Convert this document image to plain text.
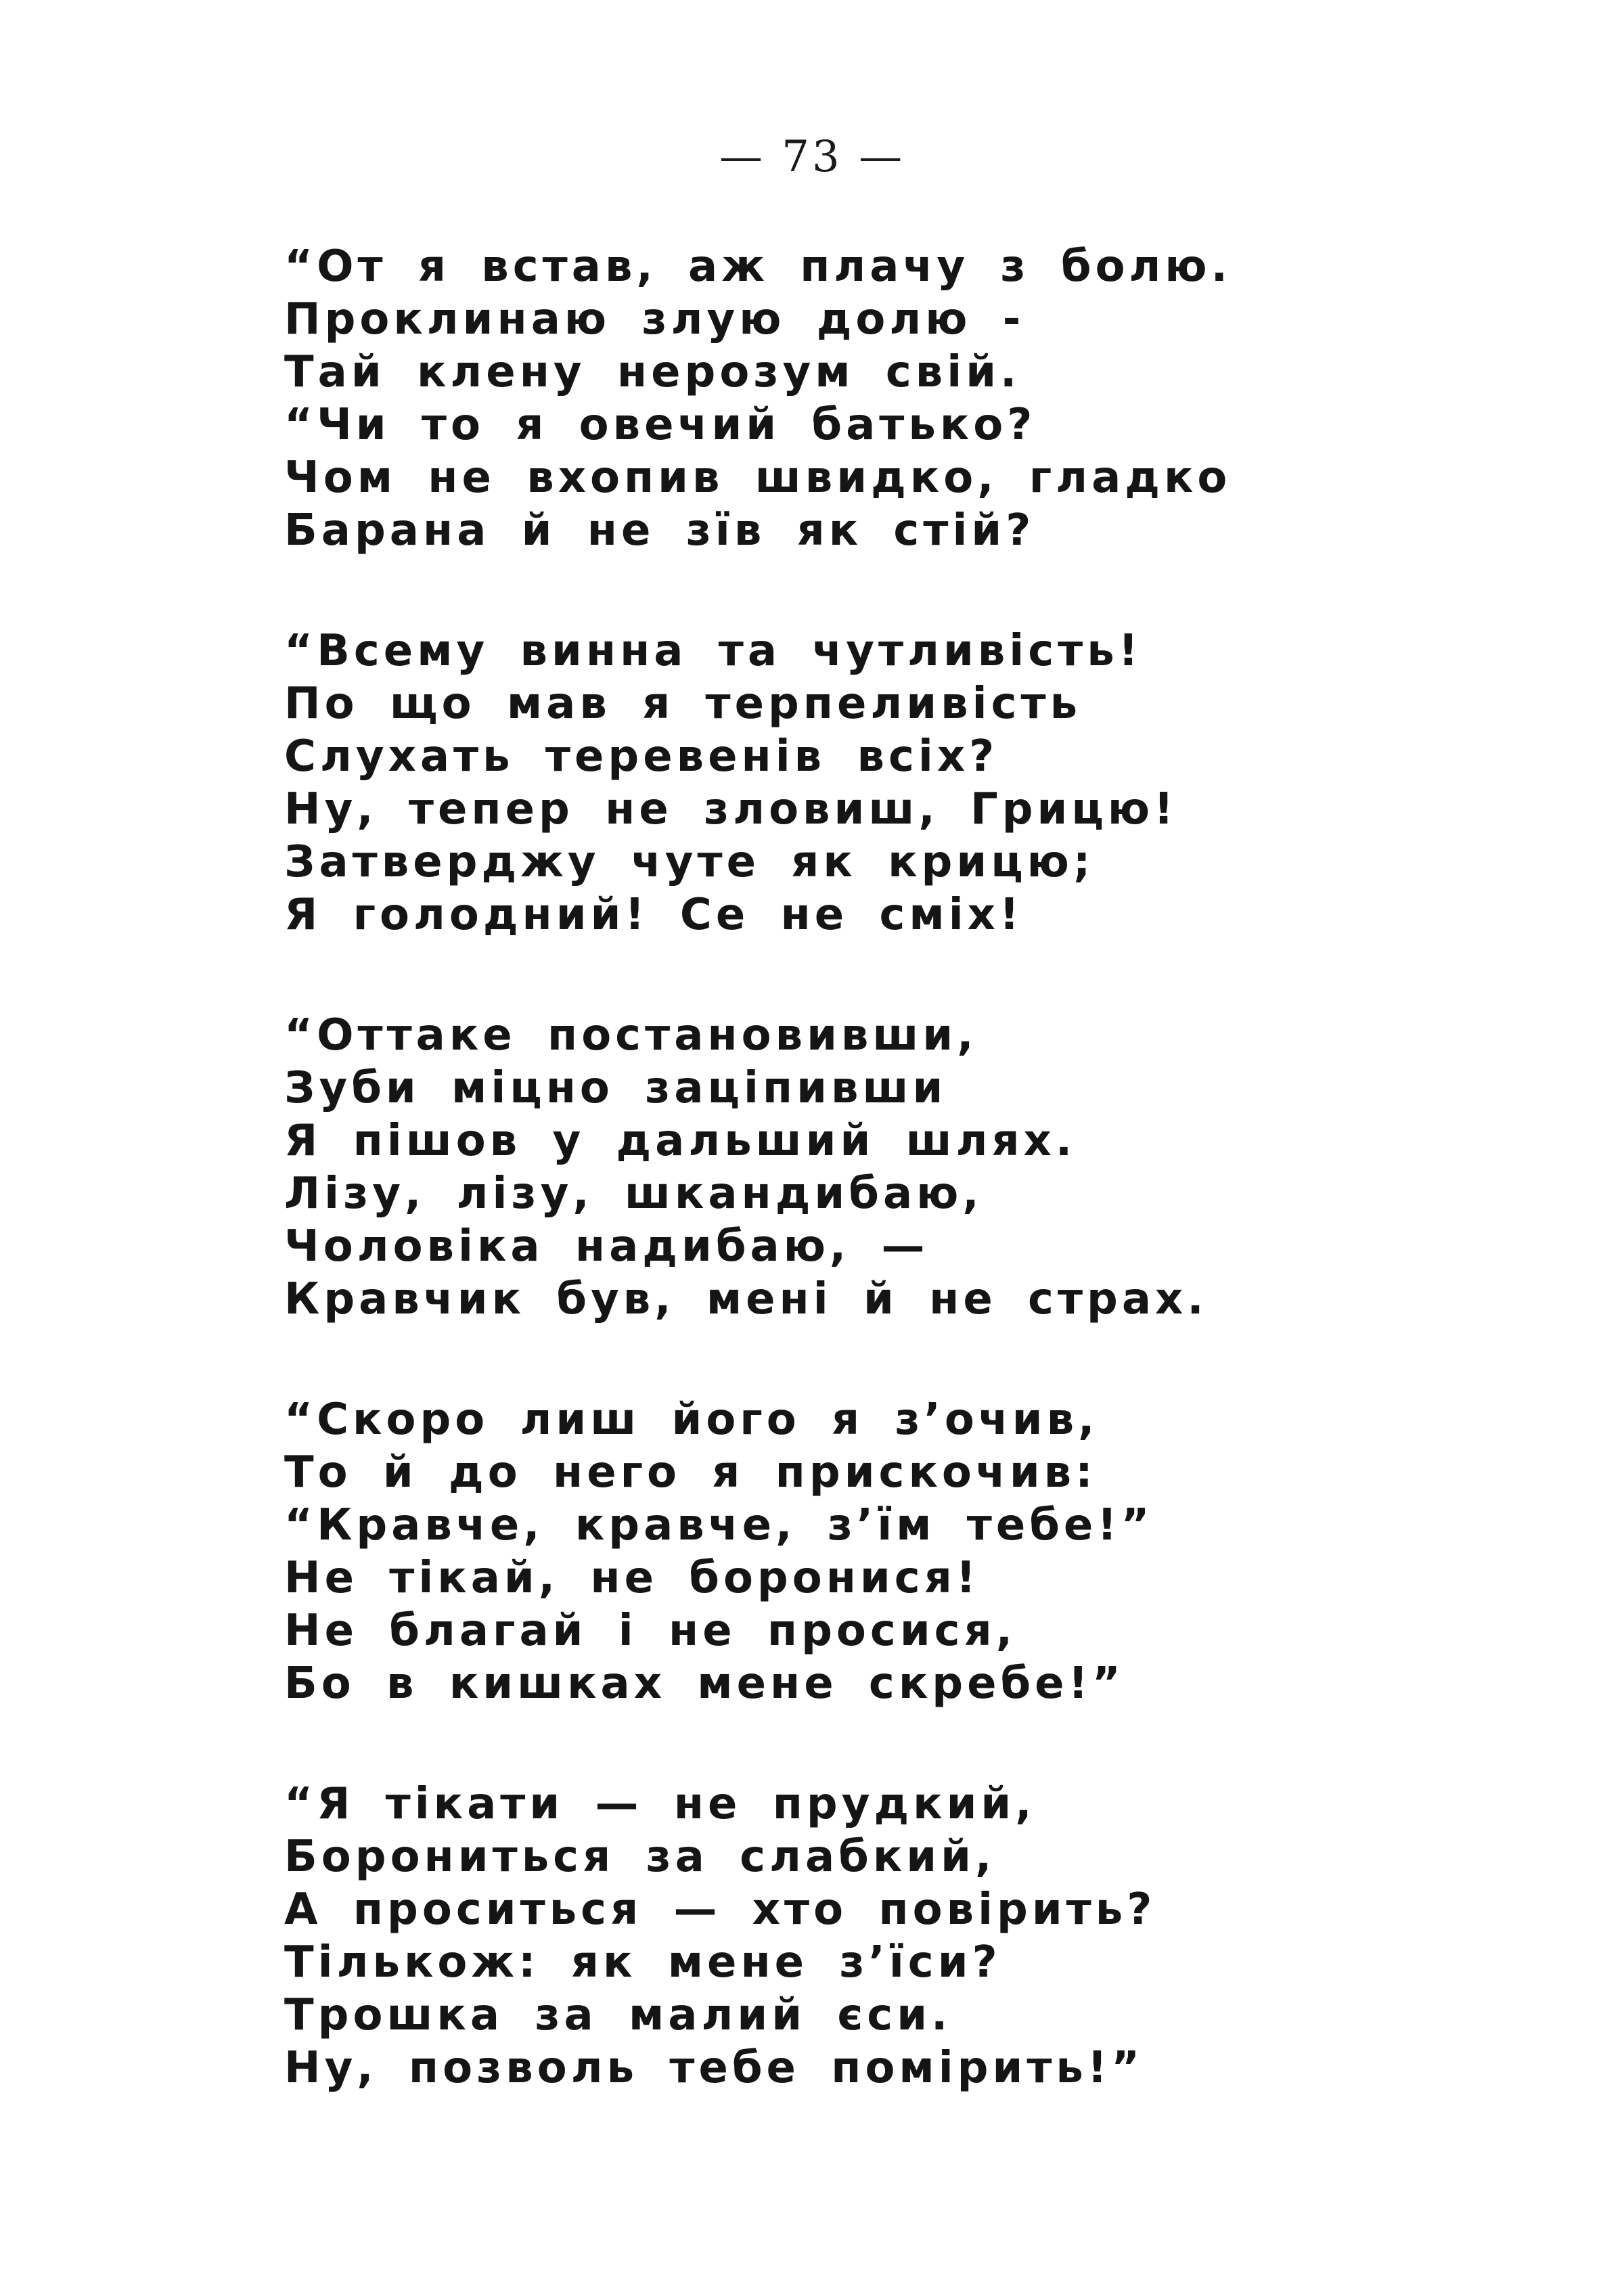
— 73 —
“От я встав, аж плачу з болю.
Проклинаю злую долю -
Тай клену нерозум свій.
“Чи то я овечий батько?
Чом не вхопив швидко, гладко
Барана й не зїв як стій?
“Всему винна та чутливість!
По що мав я терпеливість
Слухать теревенів всіх?
Ну, тепер не зловиш, Грицю!
Затверджу чуте як крицю;
Я голодний! Се не сміх!
“Оттаке постановивши,
Зуби міцно заціпивши
Я пішов у дальший шлях.
Лізу, лізу, шкандибаю,
Чоловіка надибаю, —
Кравчик був, мені й не страх.
“Скоро лиш його я з’очив,
То й до него я прискочив:
“Кравче, кравче, з’їм тебе!”
Не тікай, не боронися!
Не благай і не просися,
Бо в кишках мене скребе!”
“Я тікати — не прудкий,
Боронитьcя за слабкий,
А проситься — хто повірить?
Тількож: як мене з’їси?
Трошка за малий єси.
Ну, позволь тебе помірить!”
